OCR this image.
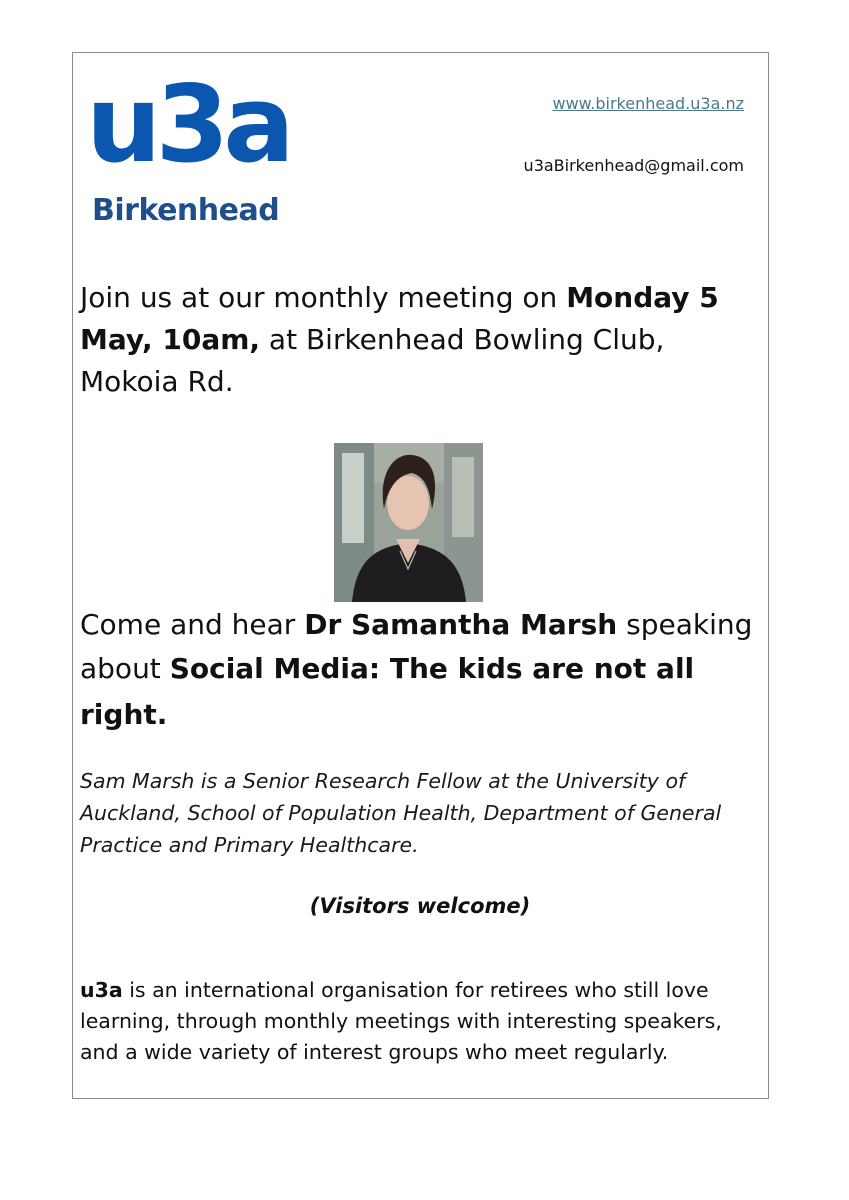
u3a
Birkenhead
www.birkenhead.u3a.nz
u3aBirkenhead@gmail.com
Join us at our monthly meeting on Monday 5 May, 10am, at Birkenhead Bowling Club, Mokoia Rd.
Come and hear Dr Samantha Marsh speaking about Social Media: The kids are not all
right.
Sam Marsh is a Senior Research Fellow at the University of Auckland, School of Population Health, Department of General Practice and Primary Healthcare.
(Visitors welcome)
u3a is an international organisation for retirees who still love learning, through monthly meetings with interesting speakers, and a wide variety of interest groups who meet regularly.
